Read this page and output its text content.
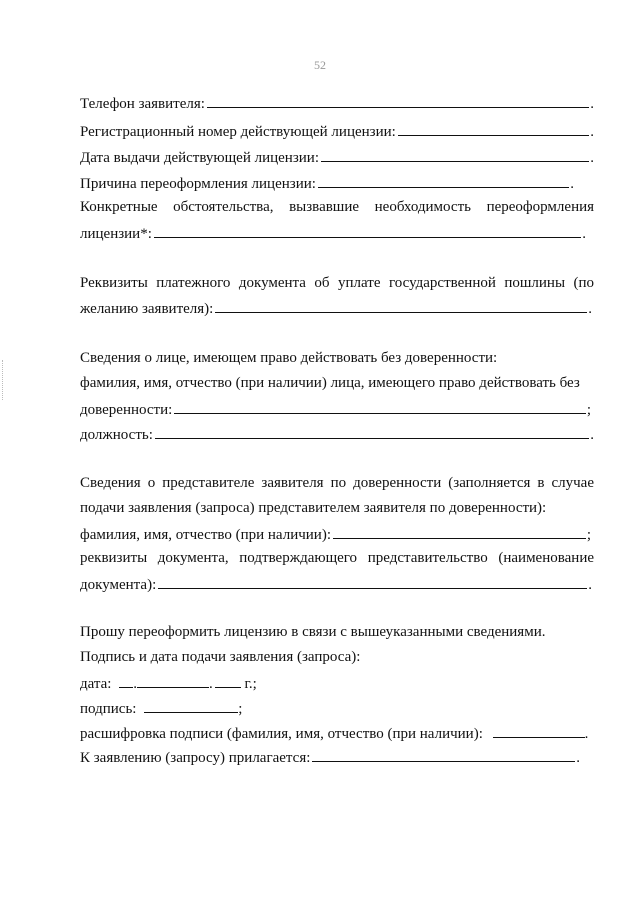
52
Телефон заявителя:	.
Регистрационный номер действующей лицензии:	.
Дата выдачи действующей лицензии:	.
Причина переоформления лицензии:	.
Конкретные обстоятельства, вызвавшие необходимость переоформления
лицензии*:	.
Реквизиты платежного документа об уплате государственной пошлины (по
желанию заявителя):	.
Сведения о лице, имеющем право действовать без доверенности:
фамилия, имя, отчество (при наличии) лица, имеющего право действовать без
доверенности:	;
должность:	.
Сведения о представителе заявителя по доверенности (заполняется в случае
подачи заявления (запроса) представителем заявителя по доверенности):
фамилия, имя, отчество (при наличии):	;
реквизиты документа, подтверждающего представительство (наименование
документа):	.
Прошу переоформить лицензию в связи с вышеуказанными сведениями.
Подпись и дата подачи заявления (запроса):
дата: .	. г.;
подпись:	;
расшифровка подписи (фамилия, имя, отчество (при наличии):	.
К заявлению (запросу) прилагается:	.
